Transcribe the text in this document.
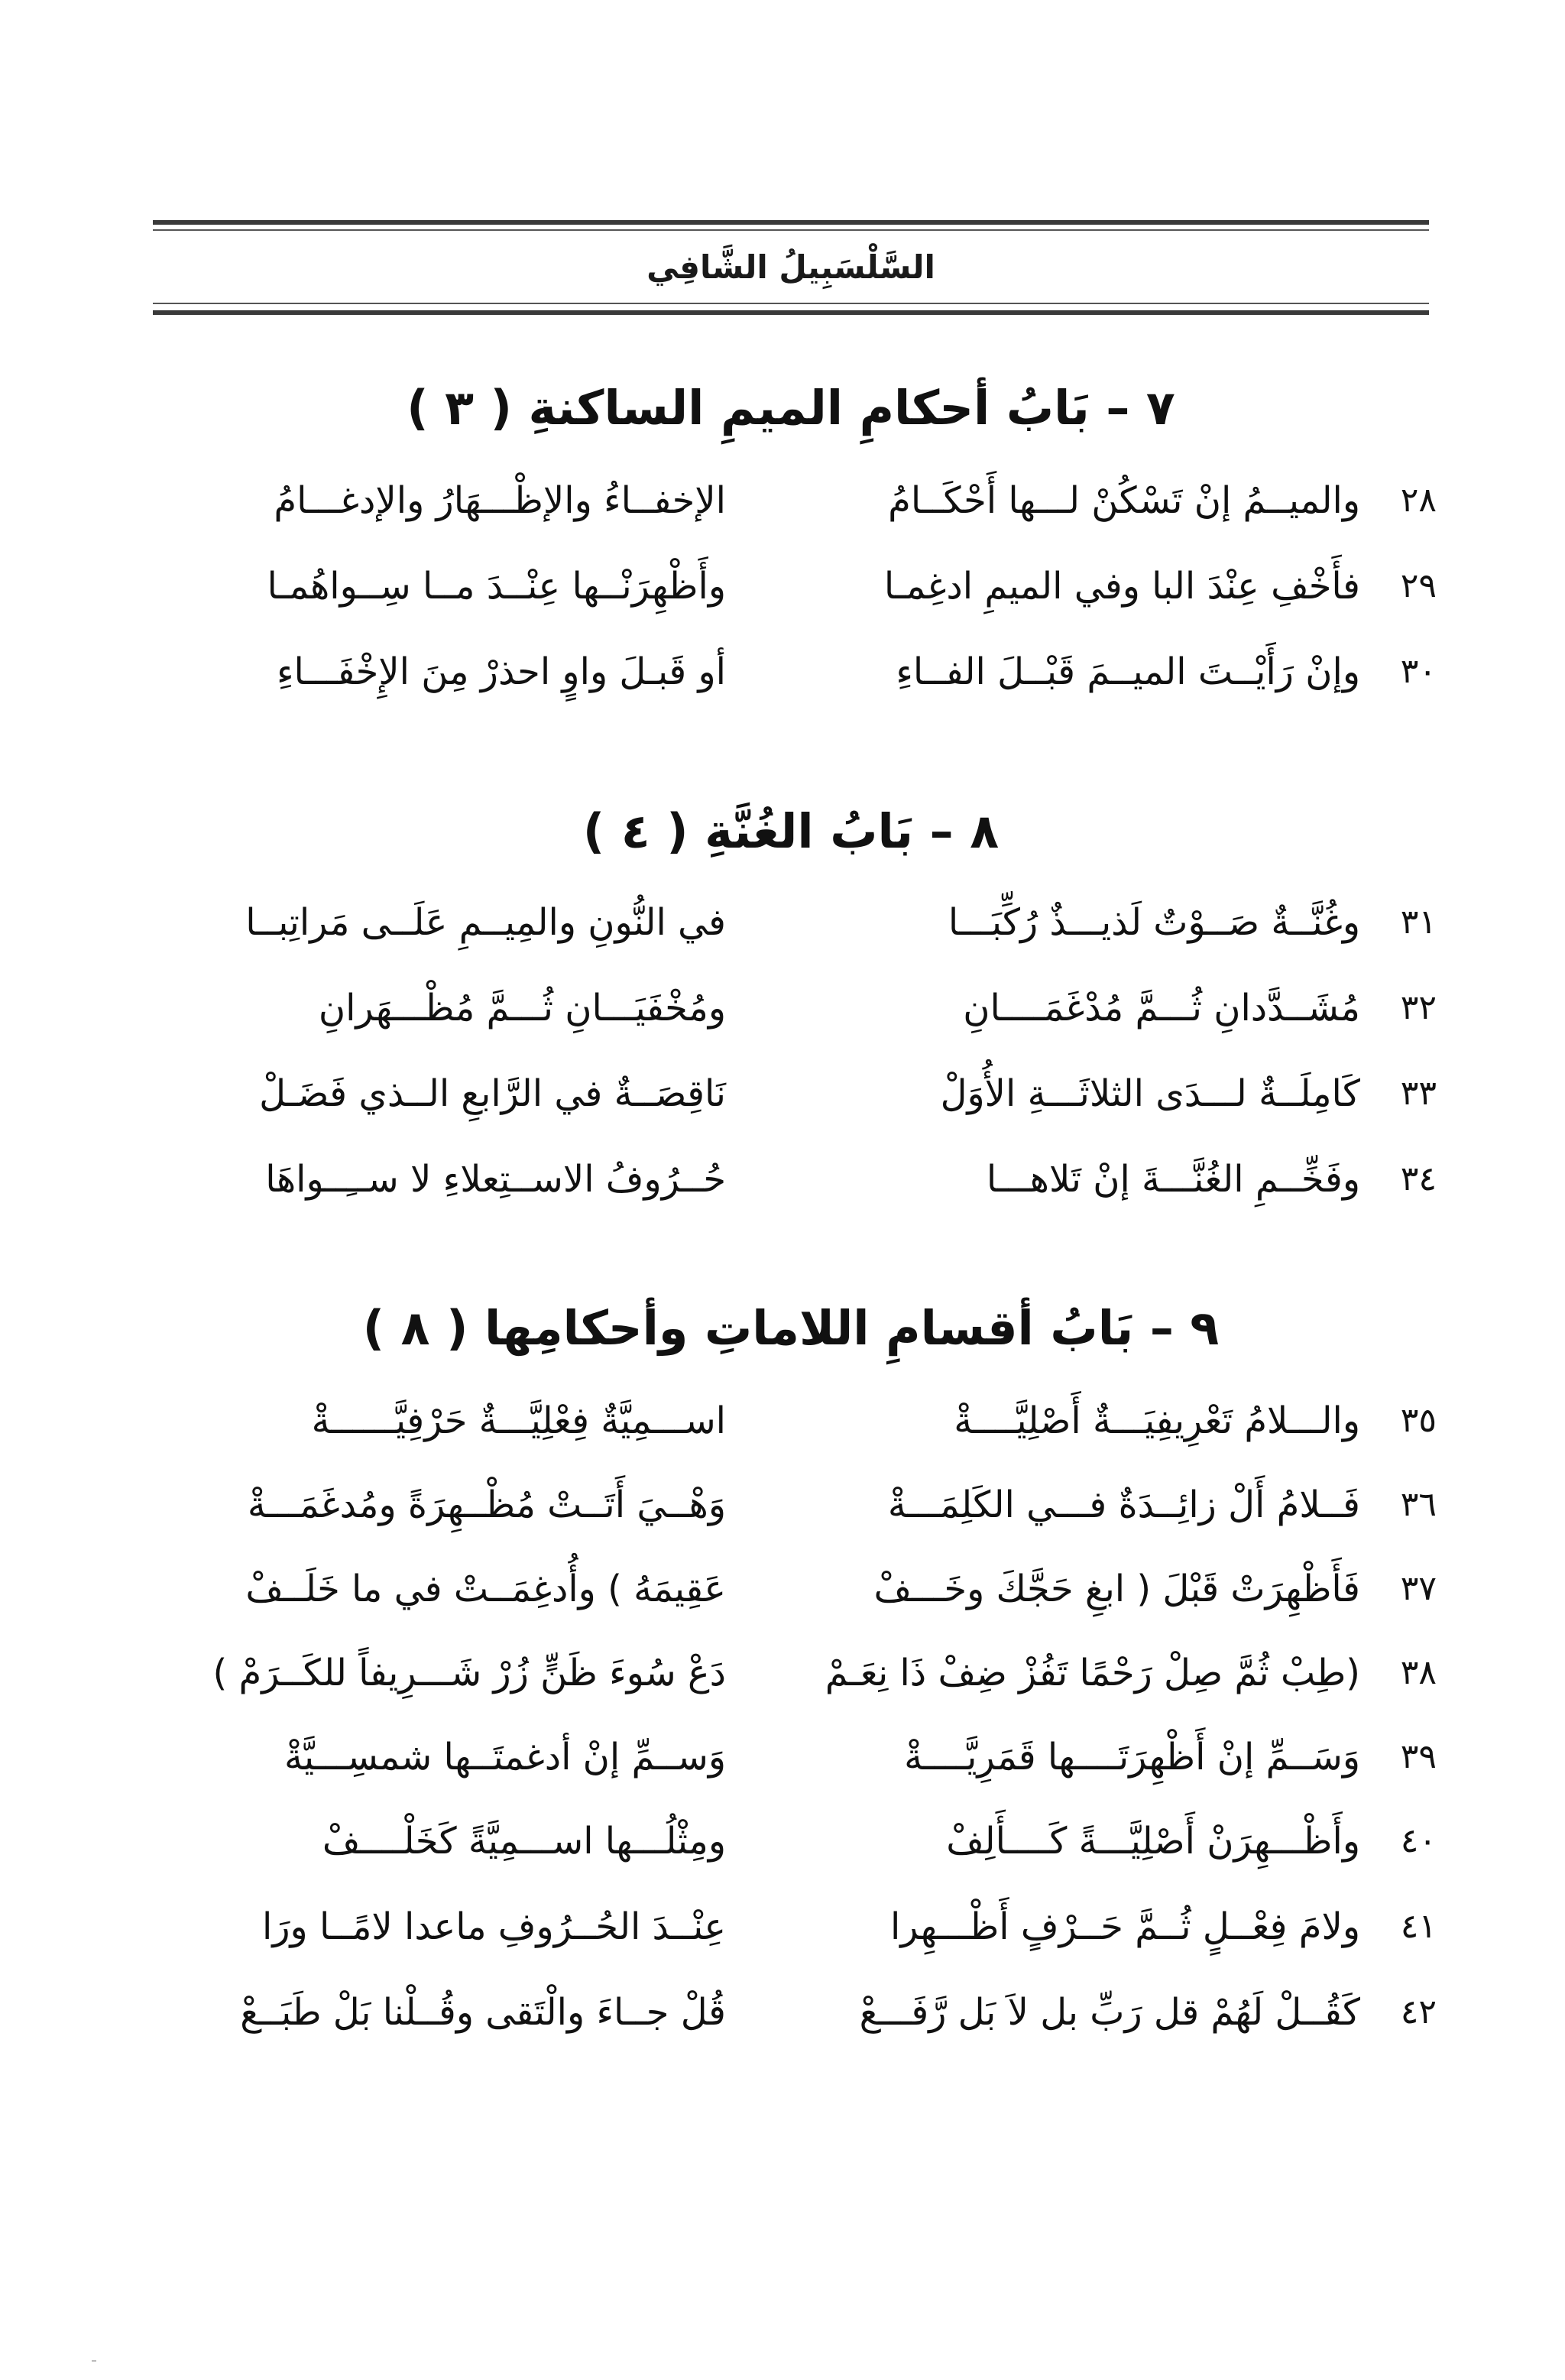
السَّلْسَبِيلُ الشَّافِي
٧ – بَابُ أحكامِ الميمِ الساكنةِ ( ٣ )
٢٨
والميــمُ إنْ تَسْكُنْ لـــها أَحْكَــامُ
الإخفــاءُ والإظْـــهَارُ والإدغـــامُ
٢٩
فأَخْفِ عِنْدَ البا وفي الميمِ ادغِمـا
وأَظْهِرَنْــها عِنْــدَ مــا سِــواهُمـا
٣٠
وإنْ رَأَيْــتَ الميــمَ قَبْــلَ الفــاءِ
أو قَبـلَ واوٍ احذرْ مِنَ الإِخْفَـــاءِ
٨ – بَابُ الغُنَّةِ ( ٤ )
٣١
وغُنَّــةٌ صَــوْتٌ لَذيـــذٌ رُكِّبَـــا
في النُّونِ والمِيــمِ عَلَــى مَراتِبــا
٣٢
مُشَــدَّدانِ ثُـــمَّ مُدْغَمَــــانِ
ومُخْفَيَـــانِ ثُـــمَّ مُظْـــهَرانِ
٣٣
كَامِلَــةٌ لـــدَى الثلاثَـــةِ الأُوَلْ
نَاقِصَــةٌ في الرَّابعِ الــذي فَضَـلْ
٣٤
وفَخِّــمِ الغُنَّـــةَ إنْ تَلاهـــا
حُــرُوفُ الاســتِعلاءِ لا ســِــواهَا
٩ – بَابُ أقسامِ اللاماتِ وأحكامِها ( ٨ )
٣٥
والـــلامُ تَعْرِيفِيَـــةٌ أَصْلِيَّــــةْ
اســـمِيَّةٌ فِعْلِيَّـــةٌ حَرْفِيَّــــــةْ
٣٦
فَــلامُ أَلْ زائِــدَةٌ فـــي الكَلِمَـــةْ
وَهْــيَ أَتَــتْ مُظْــهِرَةً ومُدغَمَـــةْ
٣٧
فَأَظْهِرَتْ قَبْلَ ( ابغِ حَجَّكَ وخَـــفْ
عَقِيمَهُ ) وأُدغِمَــتْ في ما خَلَــفْ
٣٨
(طِبْ ثُمَّ صِلْ رَحْمًا تَفُزْ ضِفْ ذَا نِعَـمْ
دَعْ سُوءَ ظَنٍّ زُرْ شَـــرِيفاً للكَــرَمْ )
٣٩
وَسَــمِّ إنْ أَظْهِرَتَــــها قَمَرِيَّــــةْ
وَســمِّ إنْ أدغمتَــها شمسِـــيَّةْ
٤٠
وأَظْـــهِرَنْ أَصْلِيَّـــةً كَــــأَلِفْ
ومِثْلُـــها اســـمِيَّةً كَخَلْــــفْ
٤١
ولامَ فِعْــلٍ ثُــمَّ حَــرْفٍ أَظْـــهِرا
عِنْــدَ الحُــرُوفِ ماعدا لامًــا ورَا
٤٢
كَقُــلْ لَهُمْ قل رَبِّ بل لاَ بَل رَّفَـــعْ
قُلْ جــاءَ والْتَقى وقُــلْنا بَلْ طَبَــعْ
